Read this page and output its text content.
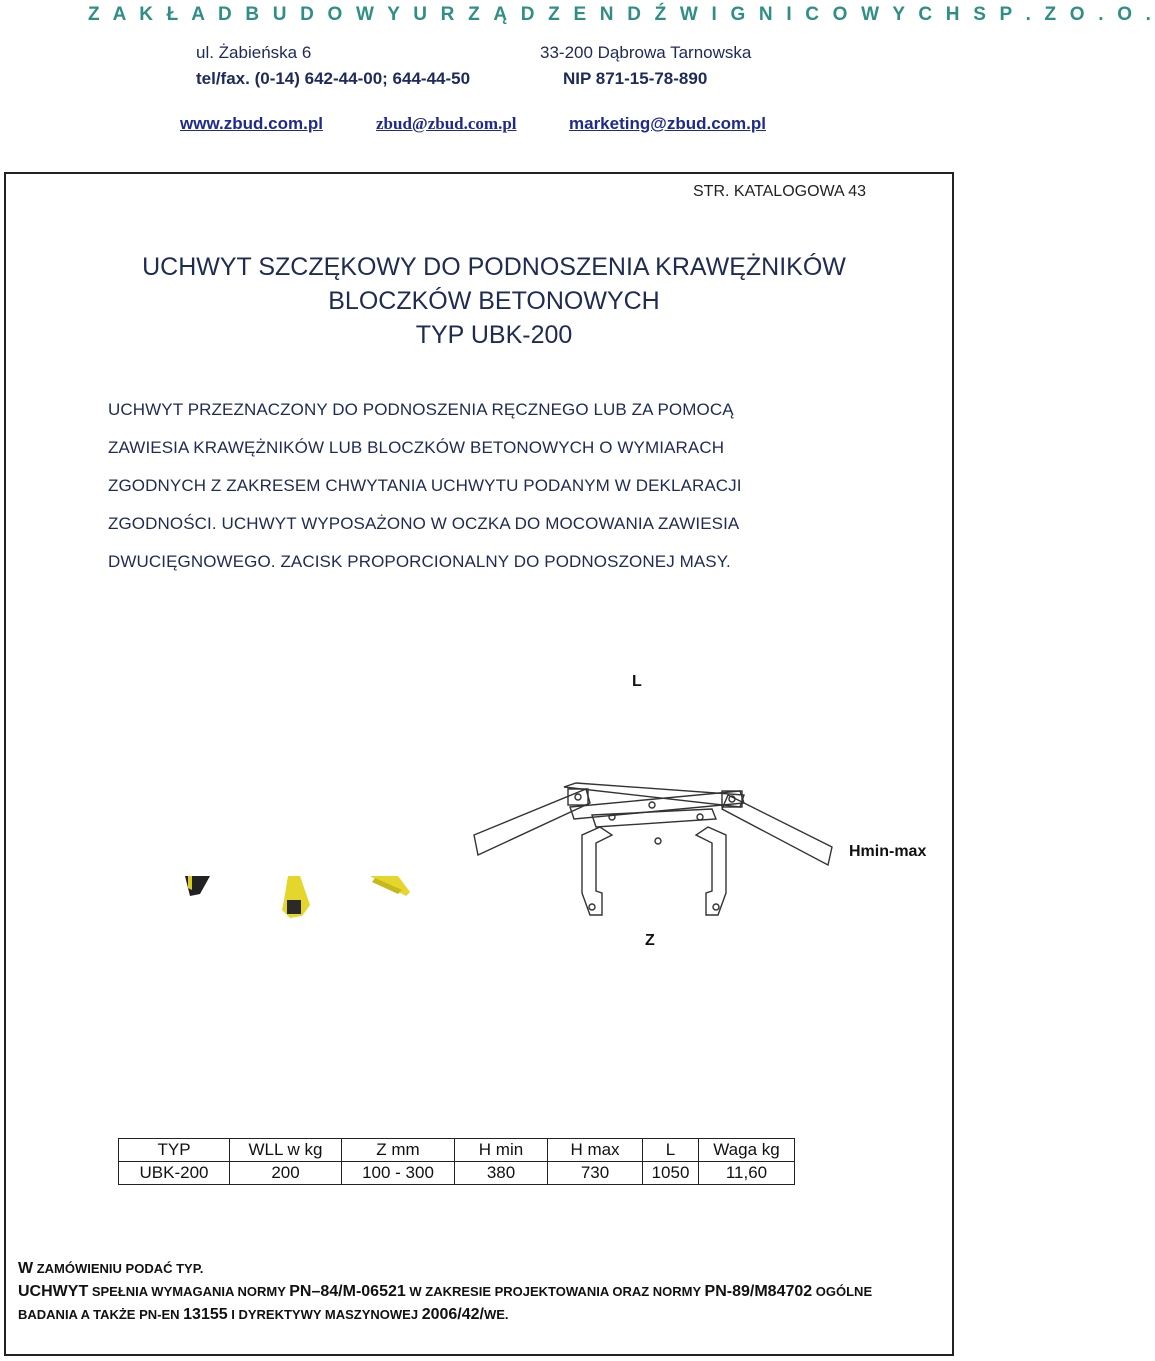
Z A K Ł A D B U D O W Y U R Z Ą D Z E N D Ź W I G N I C O W Y C H S P . Z O . O .
ul. Żabieńska 6	33-200 Dąbrowa Tarnowska
tel/fax. (0-14) 642-44-00; 644-44-50	NIP 871-15-78-890
www.zbud.com.pl	zbud@zbud.com.pl	marketing@zbud.com.pl
STR. KATALOGOWA 43
UCHWYT SZCZĘKOWY DO PODNOSZENIA KRAWĘŻNIKÓW
BLOCZKÓW BETONOWYCH
TYP UBK-200
UCHWYT PRZEZNACZONY DO PODNOSZENIA RĘCZNEGO LUB ZA POMOCĄ
ZAWIESIA KRAWĘŻNIKÓW LUB BLOCZKÓW BETONOWYCH O WYMIARACH
ZGODNYCH Z ZAKRESEM CHWYTANIA UCHWYTU PODANYM W DEKLARACJI
ZGODNOŚCI. UCHWYT WYPOSAŻONO W OCZKA DO MOCOWANIA ZAWIESIA
DWUCIĘGNOWEGO. ZACISK PROPORCIONALNY DO PODNOSZONEJ MASY.
L
Hmin-max
Z
TYP	WLL w kg	Z mm	H min	H max	L	Waga kg
UBK-200	200	100 - 300	380	730	1050	11,60
W ZAMÓWIENIU PODAĆ TYP.
UCHWYT SPEŁNIA WYMAGANIA NORMY PN–84/M-06521 W ZAKRESIE PROJEKTOWANIA ORAZ NORMY PN-89/M84702 OGÓLNE
BADANIA A TAKŻE PN-EN 13155 I DYREKTYWY MASZYNOWEJ 2006/42/WE.
